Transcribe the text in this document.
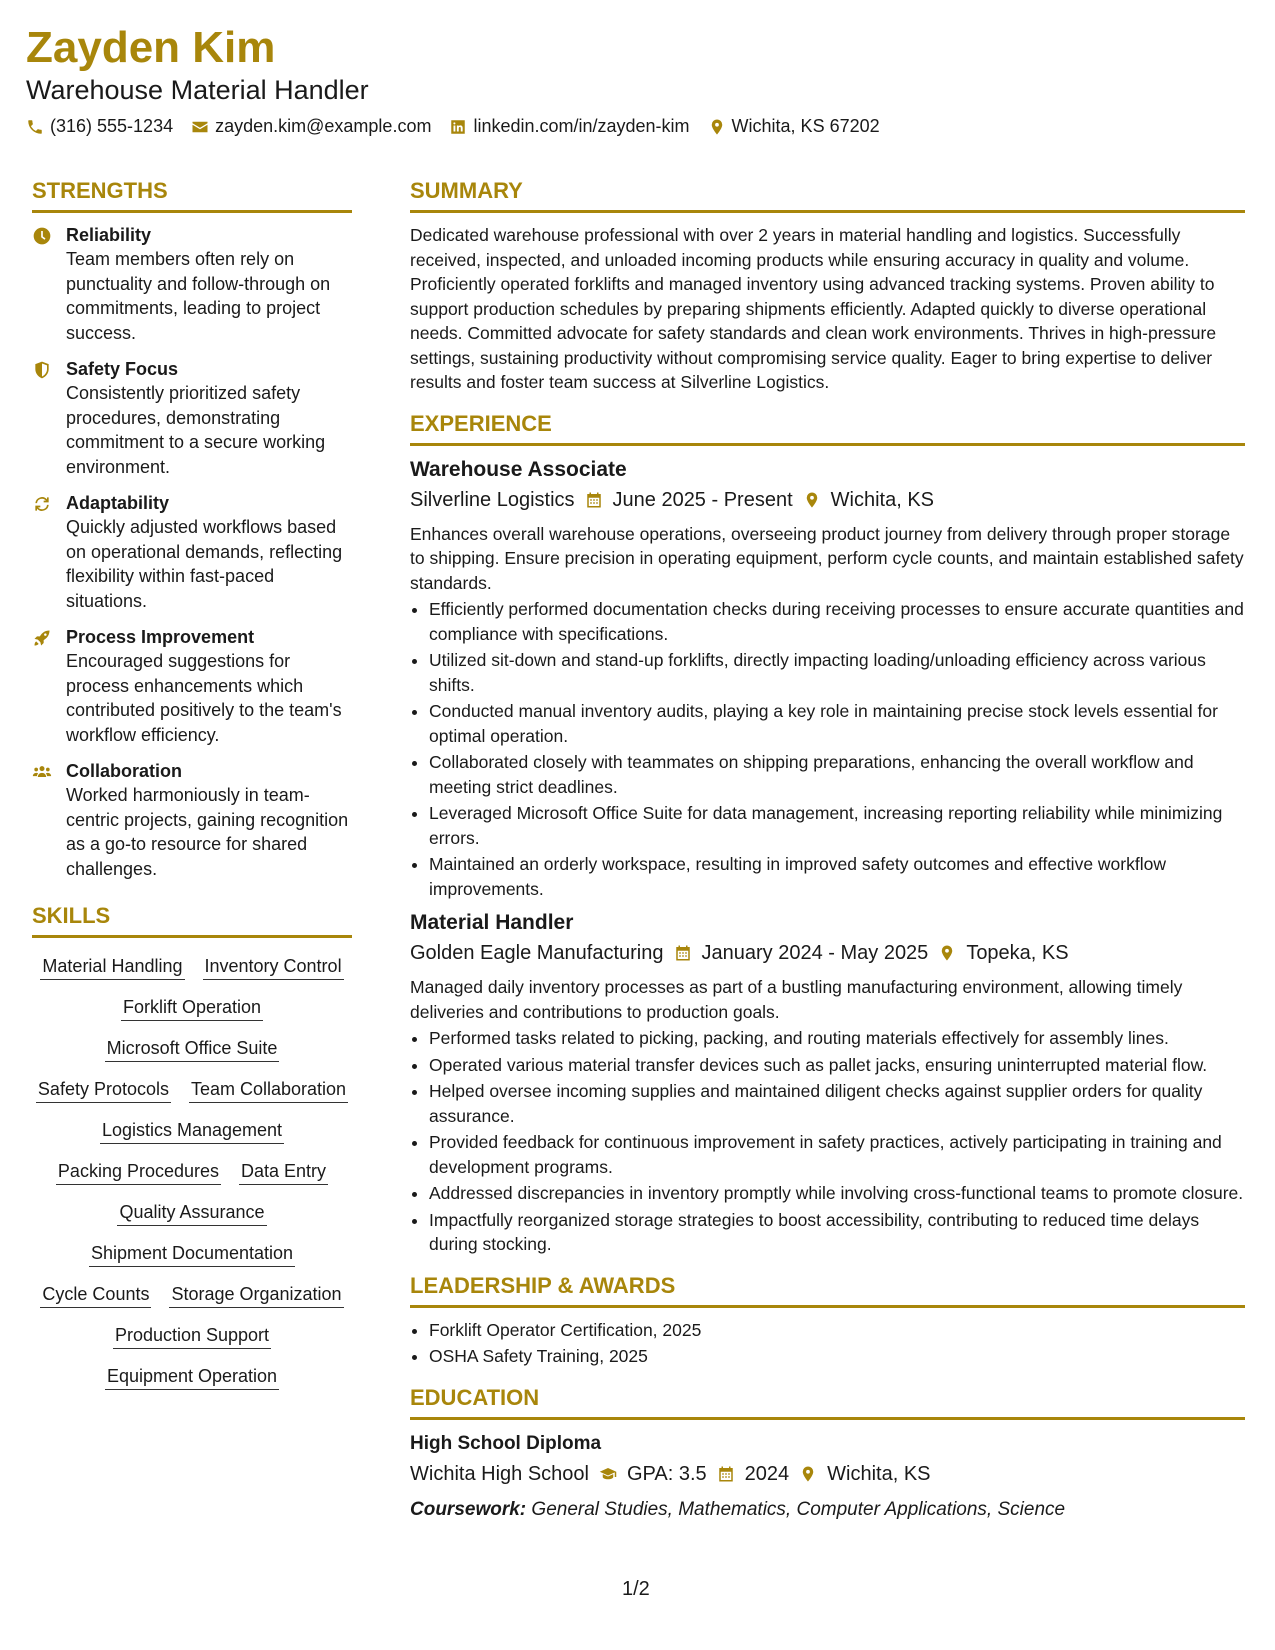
Zayden Kim
Warehouse Material Handler
(316) 555-1234 zayden.kim@example.com linkedin.com/in/zayden-kim Wichita, KS 67202
STRENGTHS
Reliability
Team members often rely on punctuality and follow-through on commitments, leading to project success.
Safety Focus
Consistently prioritized safety procedures, demonstrating commitment to a secure working environment.
Adaptability
Quickly adjusted workflows based on operational demands, reflecting flexibility within fast-paced situations.
Process Improvement
Encouraged suggestions for process enhancements which contributed positively to the team's workflow efficiency.
Collaboration
Worked harmoniously in team-centric projects, gaining recognition as a go-to resource for shared challenges.
SKILLS
Material Handling Inventory Control
Forklift Operation
Microsoft Office Suite
Safety Protocols Team Collaboration
Logistics Management
Packing Procedures Data Entry
Quality Assurance
Shipment Documentation
Cycle Counts Storage Organization
Production Support
Equipment Operation
SUMMARY

Dedicated warehouse professional with over 2 years in material handling and logistics. Successfully received, inspected, and unloaded incoming products while ensuring accuracy in quality and volume. Proficiently operated forklifts and managed inventory using advanced tracking systems. Proven ability to support production schedules by preparing shipments efficiently. Adapted quickly to diverse operational needs. Committed advocate for safety standards and clean work environments. Thrives in high-pressure settings, sustaining productivity without compromising service quality. Eager to bring expertise to deliver results and foster team success at Silverline Logistics.

EXPERIENCE
Warehouse Associate
Silverline Logistics June 2025 - Present Wichita, KS

Enhances overall warehouse operations, overseeing product journey from delivery through proper storage to shipping. Ensure precision in operating equipment, perform cycle counts, and maintain established safety standards.

• Efficiently performed documentation checks during receiving processes to ensure accurate quantities and compliance with specifications.
• Utilized sit-down and stand-up forklifts, directly impacting loading/unloading efficiency across various shifts.
• Conducted manual inventory audits, playing a key role in maintaining precise stock levels essential for optimal operation.
• Collaborated closely with teammates on shipping preparations, enhancing the overall workflow and meeting strict deadlines.
• Leveraged Microsoft Office Suite for data management, increasing reporting reliability while minimizing errors.
• Maintained an orderly workspace, resulting in improved safety outcomes and effective workflow improvements.
Material Handler
Golden Eagle Manufacturing January 2024 - May 2025 Topeka, KS

Managed daily inventory processes as part of a bustling manufacturing environment, allowing timely deliveries and contributions to production goals.

• Performed tasks related to picking, packing, and routing materials effectively for assembly lines.
• Operated various material transfer devices such as pallet jacks, ensuring uninterrupted material flow.
• Helped oversee incoming supplies and maintained diligent checks against supplier orders for quality assurance.
• Provided feedback for continuous improvement in safety practices, actively participating in training and development programs.
• Addressed discrepancies in inventory promptly while involving cross-functional teams to promote closure.
• Impactfully reorganized storage strategies to boost accessibility, contributing to reduced time delays during stocking.
LEADERSHIP & AWARDS
• Forklift Operator Certification, 2025
• OSHA Safety Training, 2025
EDUCATION
High School Diploma
Wichita High School GPA: 3.5 2024 Wichita, KS
Coursework: General Studies, Mathematics, Computer Applications, Science
1/2
